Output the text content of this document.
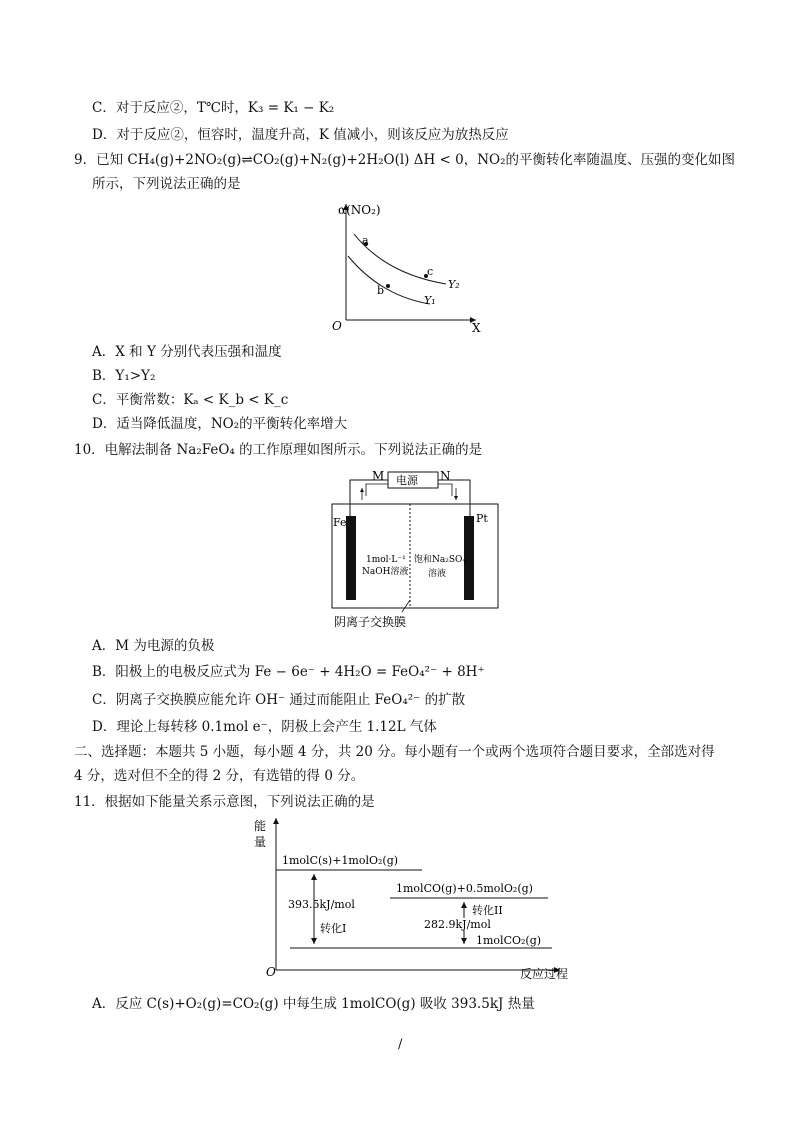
C．对于反应②，T℃时，K₃ = K₁ − K₂
D．对于反应②，恒容时，温度升高，K 值减小，则该反应为放热反应
9．已知 CH₄(g)+2NO₂(g)⇌CO₂(g)+N₂(g)+2H₂O(l) ΔH < 0，NO₂的平衡转化率随温度、压强的变化如图
所示，下列说法正确的是
α(NO₂)
X
O
a
c
b	Y₂
Y₁
A．X 和 Y 分别代表压强和温度
B．Y₁>Y₂
C．平衡常数：Kₐ < K_b < K_c
D．适当降低温度，NO₂的平衡转化率增大
10．电解法制备 Na₂FeO₄ 的工作原理如图所示。下列说法正确的是
电源
M	N
Fe	Pt
1mol·L⁻¹
NaOH溶液
饱和Na₂SO₄
溶液
阴离子交换膜
A．M 为电源的负极
B．阳极上的电极反应式为 Fe − 6e⁻ + 4H₂O = FeO₄²⁻ + 8H⁺
C．阴离子交换膜应能允许 OH⁻ 通过而能阻止 FeO₄²⁻ 的扩散
D．理论上每转移 0.1mol e⁻，阴极上会产生 1.12L 气体
二、选择题：本题共 5 小题，每小题 4 分，共 20 分。每小题有一个或两个选项符合题目要求，全部选对得
4 分，选对但不全的得 2 分，有选错的得 0 分。
11．根据如下能量关系示意图，下列说法正确的是
能
量
反应过程
O
1molC(s)+1molO₂(g)
1molCO(g)+0.5molO₂(g)
1molCO₂(g)
393.5kJ/mol
转化I
转化II
282.9kJ/mol
A．反应 C(s)+O₂(g)=CO₂(g) 中每生成 1molCO(g) 吸收 393.5kJ 热量
/
